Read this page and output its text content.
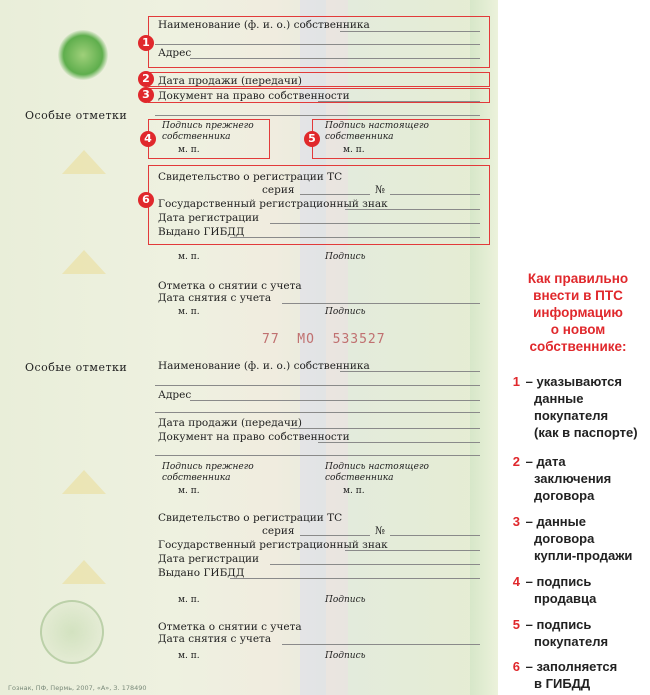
Особые отметки
Наименование (ф. и. о.) собственника
Адрес
Дата продажи (передачи)
Документ на право собственности
Подпись прежнего
собственника
м. п.
Подпись настоящего
собственника
м. п.
Свидетельство о регистрации ТС
серия	№
Государственный регистрационный знак
Дата регистрации
Выдано ГИБДД
м. п.	Подпись
Отметка о снятии с учета
Дата снятия с учета
м. п.	Подпись
77  МО  533527
Особые отметки	Наименование (ф. и. о.) собственника
Адрес
Дата продажи (передачи)
Документ на право собственности
Подпись прежнего
собственника
м. п.
Подпись настоящего
собственника
м. п.
Свидетельство о регистрации ТС
серия	№
Государственный регистрационный знак
Дата регистрации
Выдано ГИБДД
м. п.	Подпись
Отметка о снятии с учета
Дата снятия с учета
м. п.	Подпись
Гознак, ПФ, Пермь, 2007, «А», З. 178490
1
2
3
4	5
6
Как правильно
внести в ПТС
информацию
о новом
собственнике:
1 – указываются
данные
покупателя
(как в паспорте)
2 – дата
заключения
договора
3 – данные
договора
купли-продажи
4 – подпись
продавца
5 – подпись
покупателя
6 – заполняется
в ГИБДД
